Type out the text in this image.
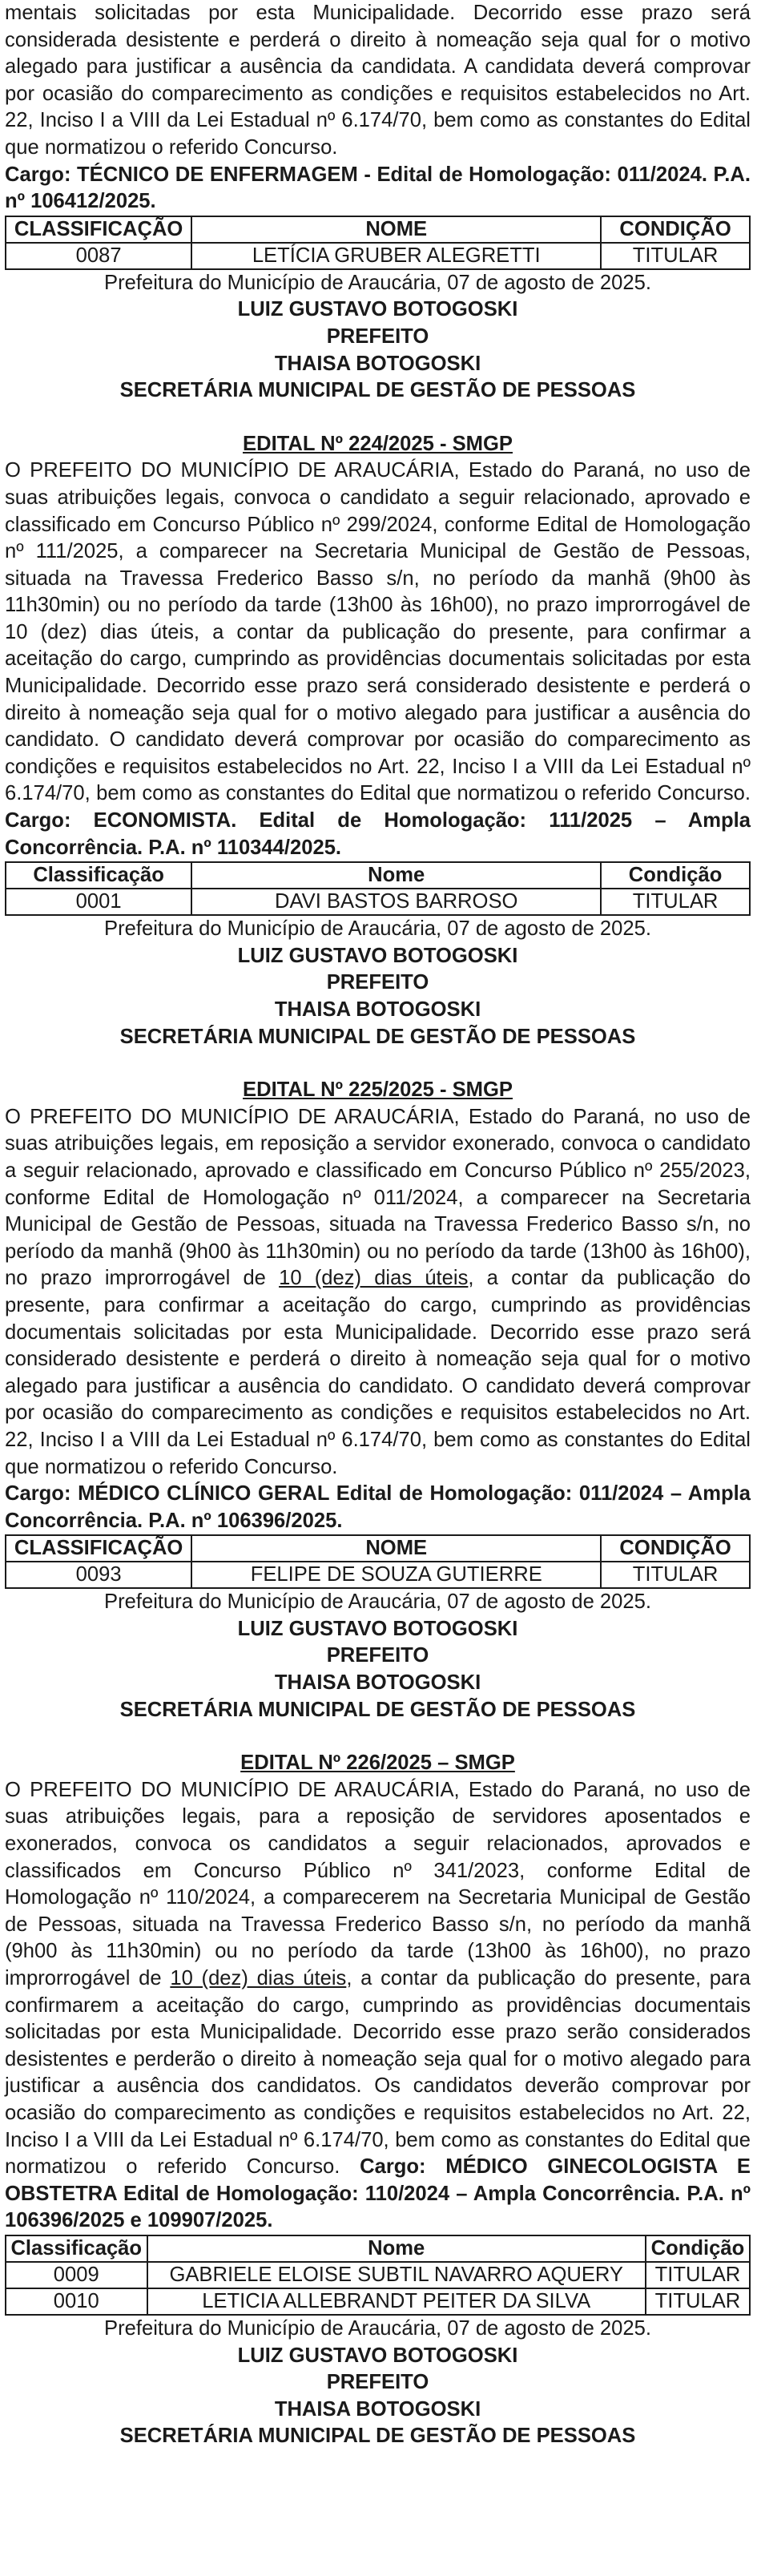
mentais solicitadas por esta Municipalidade. Decorrido esse prazo será considerada desistente e perderá o direito à nomeação seja qual for o motivo alegado para justificar a ausência da candidata. A candidata deverá comprovar por ocasião do comparecimento as condições e requisitos estabelecidos no Art. 22, Inciso I a VIII da Lei Estadual nº 6.174/70, bem como as constantes do Edital que normatizou o referido Concurso.

Cargo: TÉCNICO DE ENFERMAGEM - Edital de Homologação: 011/2024. P.A. nº 106412/2025.

CLASSIFICAÇÃO	NOME	CONDIÇÃO
0087	LETÍCIA GRUBER ALEGRETTI	TITULAR

Prefeitura do Município de Araucária, 07 de agosto de 2025.

LUIZ GUSTAVO BOTOGOSKI

PREFEITO

THAISA BOTOGOSKI

SECRETÁRIA MUNICIPAL DE GESTÃO DE PESSOAS

EDITAL Nº 224/2025 - SMGP

O PREFEITO DO MUNICÍPIO DE ARAUCÁRIA, Estado do Paraná, no uso de suas atribuições legais, convoca o candidato a seguir relacionado, aprovado e classificado em Concurso Público nº 299/2024, conforme Edital de Homologação nº 111/2025, a comparecer na Secretaria Municipal de Gestão de Pessoas, situada na Travessa Frederico Basso s/n, no período da manhã (9h00 às 11h30min) ou no período da tarde (13h00 às 16h00), no prazo improrrogável de 10 (dez) dias úteis, a contar da publicação do presente, para confirmar a aceitação do cargo, cumprindo as providências documentais solicitadas por esta Municipalidade. Decorrido esse prazo será considerado desistente e perderá o direito à nomeação seja qual for o motivo alegado para justificar a ausência do candidato. O candidato deverá comprovar por ocasião do comparecimento as condições e requisitos estabelecidos no Art. 22, Inciso I a VIII da Lei Estadual nº 6.174/70, bem como as constantes do Edital que normatizou o referido Concurso. Cargo: ECONOMISTA. Edital de Homologação: 111/2025 – Ampla Concorrência. P.A. nº 110344/2025.

Classificação	Nome	Condição
0001	DAVI BASTOS BARROSO	TITULAR

Prefeitura do Município de Araucária, 07 de agosto de 2025.

LUIZ GUSTAVO BOTOGOSKI

PREFEITO

THAISA BOTOGOSKI

SECRETÁRIA MUNICIPAL DE GESTÃO DE PESSOAS

EDITAL Nº 225/2025 - SMGP

O PREFEITO DO MUNICÍPIO DE ARAUCÁRIA, Estado do Paraná, no uso de suas atribuições legais, em reposição a servidor exonerado, convoca o candidato a seguir relacionado, aprovado e classificado em Concurso Público nº 255/2023, conforme Edital de Homologação nº 011/2024, a comparecer na Secretaria Municipal de Gestão de Pessoas, situada na Travessa Frederico Basso s/n, no período da manhã (9h00 às 11h30min) ou no período da tarde (13h00 às 16h00), no prazo improrrogável de 10 (dez) dias úteis, a contar da publicação do presente, para confirmar a aceitação do cargo, cumprindo as providências documentais solicitadas por esta Municipalidade. Decorrido esse prazo será considerado desistente e perderá o direito à nomeação seja qual for o motivo alegado para justificar a ausência do candidato. O candidato deverá comprovar por ocasião do comparecimento as condições e requisitos estabelecidos no Art. 22, Inciso I a VIII da Lei Estadual nº 6.174/70, bem como as constantes do Edital que normatizou o referido Concurso.

Cargo: MÉDICO CLÍNICO GERAL Edital de Homologação: 011/2024 – Ampla Concorrência. P.A. nº 106396/2025.

CLASSIFICAÇÃO	NOME	CONDIÇÃO
0093	FELIPE DE SOUZA GUTIERRE	TITULAR

Prefeitura do Município de Araucária, 07 de agosto de 2025.

LUIZ GUSTAVO BOTOGOSKI

PREFEITO

THAISA BOTOGOSKI

SECRETÁRIA MUNICIPAL DE GESTÃO DE PESSOAS

EDITAL Nº 226/2025 – SMGP

O PREFEITO DO MUNICÍPIO DE ARAUCÁRIA, Estado do Paraná, no uso de suas atribuições legais, para a reposição de servidores aposentados e exonerados, convoca os candidatos a seguir relacionados, aprovados e classificados em Concurso Público nº 341/2023, conforme Edital de Homologação nº 110/2024, a comparecerem na Secretaria Municipal de Gestão de Pessoas, situada na Travessa Frederico Basso s/n, no período da manhã (9h00 às 11h30min) ou no período da tarde (13h00 às 16h00), no prazo improrrogável de 10 (dez) dias úteis, a contar da publicação do presente, para confirmarem a aceitação do cargo, cumprindo as providências documentais solicitadas por esta Municipalidade. Decorrido esse prazo serão considerados desistentes e perderão o direito à nomeação seja qual for o motivo alegado para justificar a ausência dos candidatos. Os candidatos deverão comprovar por ocasião do comparecimento as condições e requisitos estabelecidos no Art. 22, Inciso I a VIII da Lei Estadual nº 6.174/70, bem como as constantes do Edital que normatizou o referido Concurso. Cargo: MÉDICO GINECOLOGISTA E OBSTETRA Edital de Homologação: 110/2024 – Ampla Concorrência. P.A. nº 106396/2025 e 109907/2025.

Classificação	Nome	Condição
0009	GABRIELE ELOISE SUBTIL NAVARRO AQUERY	TITULAR
0010	LETICIA ALLEBRANDT PEITER DA SILVA	TITULAR

Prefeitura do Município de Araucária, 07 de agosto de 2025.

LUIZ GUSTAVO BOTOGOSKI

PREFEITO

THAISA BOTOGOSKI

SECRETÁRIA MUNICIPAL DE GESTÃO DE PESSOAS
